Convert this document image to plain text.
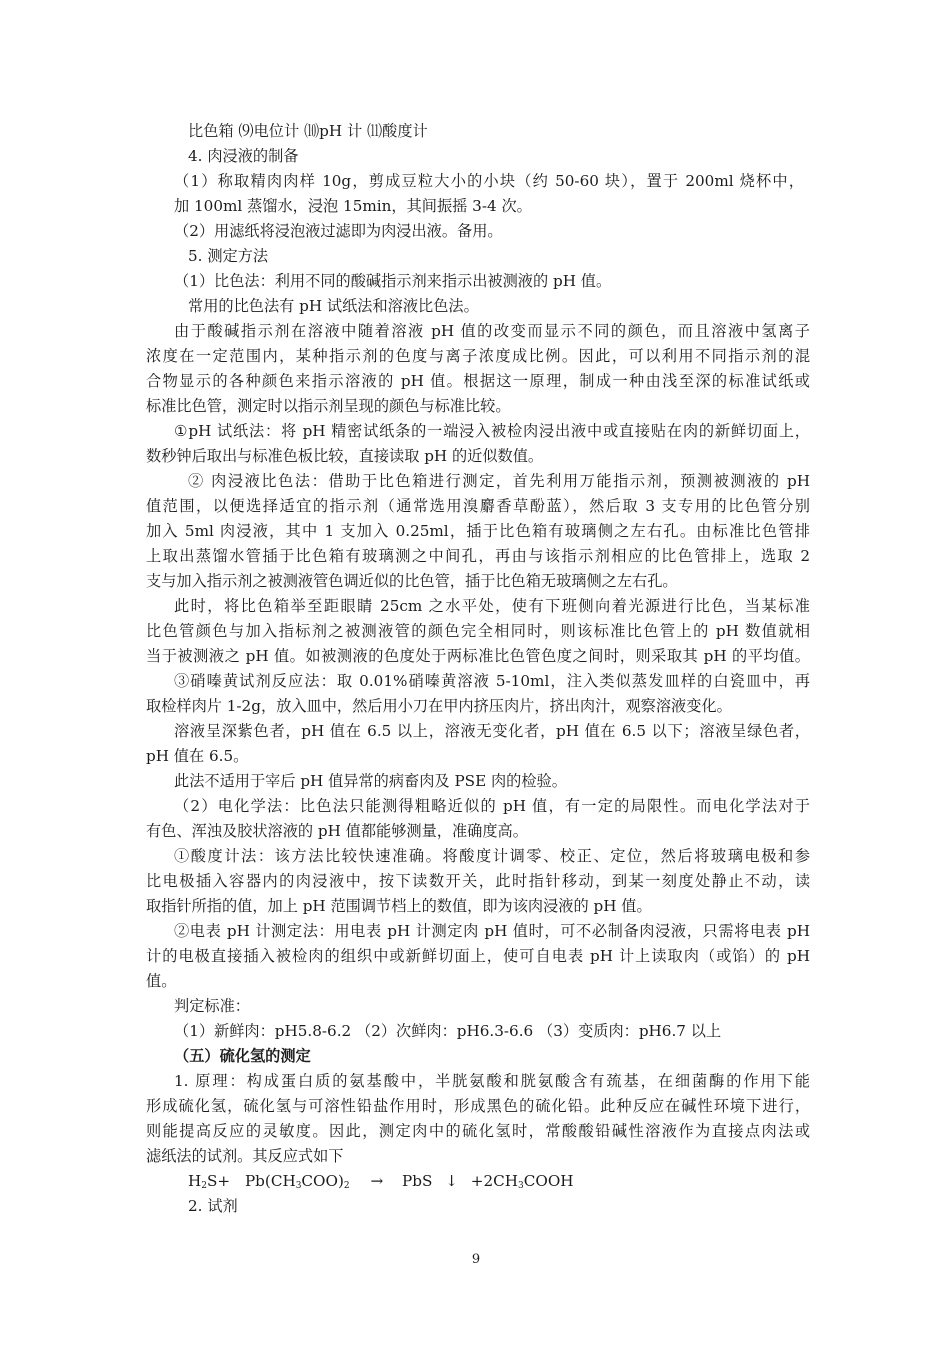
比色箱 ⑼电位计 ⑽pH 计 ⑾酸度计
4. 肉浸液的制备
（1）称取精肉肉样 10g，剪成豆粒大小的小块（约 50-60 块），置于 200ml 烧杯中，
加 100ml 蒸馏水，浸泡 15min，其间振摇 3-4 次。
（2）用滤纸将浸泡液过滤即为肉浸出液。备用。
5. 测定方法
（1）比色法：利用不同的酸碱指示剂来指示出被测液的 pH 值。
常用的比色法有 pH 试纸法和溶液比色法。
由于酸碱指示剂在溶液中随着溶液 pH 值的改变而显示不同的颜色，而且溶液中氢离子
浓度在一定范围内，某种指示剂的色度与离子浓度成比例。因此，可以利用不同指示剂的混
合物显示的各种颜色来指示溶液的 pH 值。根据这一原理，制成一种由浅至深的标准试纸或
标准比色管，测定时以指示剂呈现的颜色与标准比较。
①pH 试纸法：将 pH 精密试纸条的一端浸入被检肉浸出液中或直接贴在肉的新鲜切面上，
数秒钟后取出与标准色板比较，直接读取 pH 的近似数值。
② 肉浸液比色法：借助于比色箱进行测定，首先利用万能指示剂，预测被测液的 pH
值范围，以便选择适宜的指示剂（通常选用溴麝香草酚蓝），然后取 3 支专用的比色管分别
加入 5ml 肉浸液，其中 1 支加入 0.25ml，插于比色箱有玻璃侧之左右孔。由标准比色管排
上取出蒸馏水管插于比色箱有玻璃测之中间孔，再由与该指示剂相应的比色管排上，选取 2
支与加入指示剂之被测液管色调近似的比色管，插于比色箱无玻璃侧之左右孔。
此时，将比色箱举至距眼睛 25cm 之水平处，使有下班侧向着光源进行比色，当某标准
比色管颜色与加入指标剂之被测液管的颜色完全相同时，则该标准比色管上的 pH 数值就相
当于被测液之 pH 值。如被测液的色度处于两标准比色管色度之间时，则采取其 pH 的平均值。
③硝嗪黄试剂反应法：取 0.01%硝嗪黄溶液 5-10ml，注入类似蒸发皿样的白瓷皿中，再
取检样肉片 1-2g，放入皿中，然后用小刀在甲内挤压肉片，挤出肉汁，观察溶液变化。
溶液呈深紫色者，pH 值在 6.5 以上，溶液无变化者，pH 值在 6.5 以下；溶液呈绿色者，
pH 值在 6.5。
此法不适用于宰后 pH 值异常的病畜肉及 PSE 肉的检验。
（2）电化学法：比色法只能测得粗略近似的 pH 值，有一定的局限性。而电化学法对于
有色、浑浊及胶状溶液的 pH 值都能够测量，准确度高。
①酸度计法：该方法比较快速准确。将酸度计调零、校正、定位，然后将玻璃电极和参
比电极插入容器内的肉浸液中，按下读数开关，此时指针移动，到某一刻度处静止不动，读
取指针所指的值，加上 pH 范围调节档上的数值，即为该肉浸液的 pH 值。
②电表 pH 计测定法：用电表 pH 计测定肉 pH 值时，可不必制备肉浸液，只需将电表 pH
计的电极直接插入被检肉的组织中或新鲜切面上，使可自电表 pH 计上读取肉（或馅）的 pH
值。
判定标准：
（1）新鲜肉：pH5.8-6.2 （2）次鲜肉：pH6.3-6.6 （3）变质肉：pH6.7 以上
（五）硫化氢的测定
1. 原理：构成蛋白质的氨基酸中，半胱氨酸和胱氨酸含有巯基，在细菌酶的作用下能
形成硫化氢，硫化氢与可溶性铅盐作用时，形成黑色的硫化铅。此种反应在碱性环境下进行，
则能提高反应的灵敏度。因此，测定肉中的硫化氢时，常酸酸铅碱性溶液作为直接点肉法或
滤纸法的试剂。其反应式如下
$H_2S+ Pb(CH_3COO)_2$ → PbS ↓ $+2CH_3COOH$
2. 试剂
9
